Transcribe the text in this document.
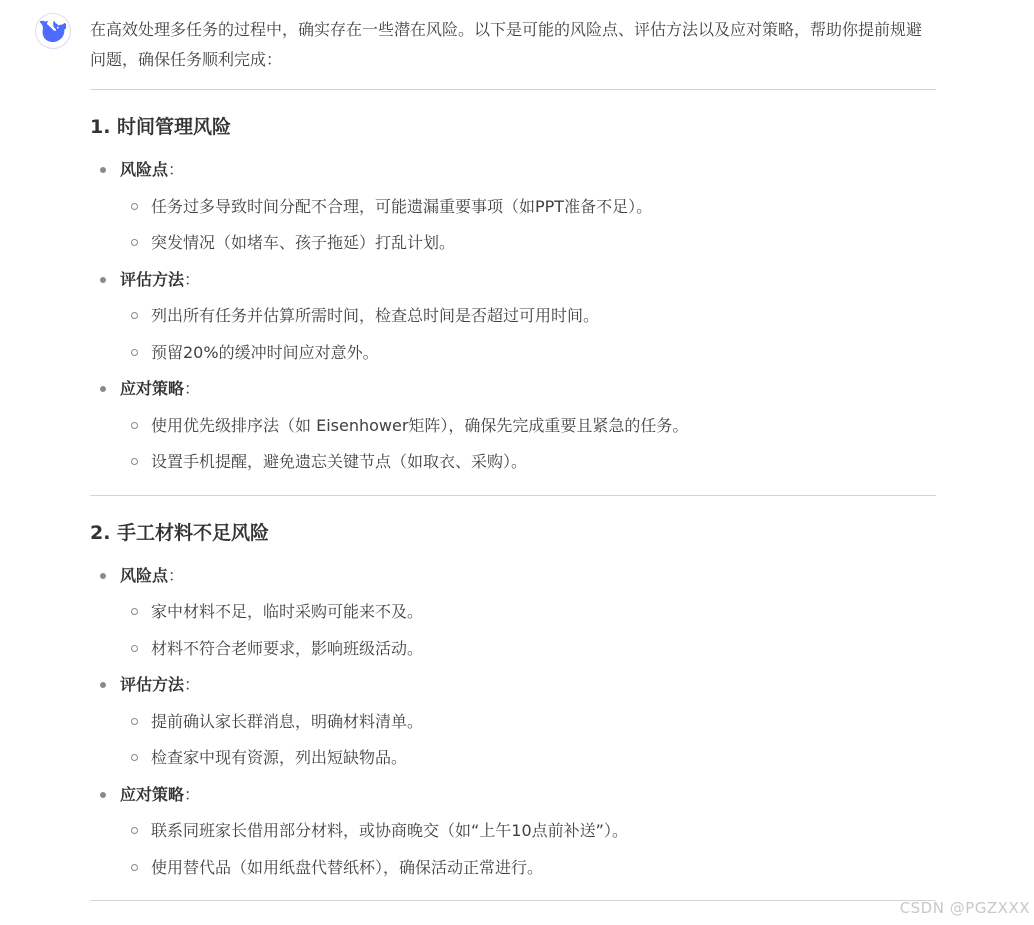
在高效处理多任务的过程中，确实存在一些潜在风险。以下是可能的风险点、评估方法以及应对策略，帮助你提前规避问题，确保任务顺利完成：

1. 时间管理风险
风险点：
任务过多导致时间分配不合理，可能遗漏重要事项（如PPT准备不足）。
突发情况（如堵车、孩子拖延）打乱计划。
评估方法：
列出所有任务并估算所需时间，检查总时间是否超过可用时间。
预留20%的缓冲时间应对意外。
应对策略：
使用优先级排序法（如 Eisenhower矩阵），确保先完成重要且紧急的任务。
设置手机提醒，避免遗忘关键节点（如取衣、采购）。
2. 手工材料不足风险
风险点：
家中材料不足，临时采购可能来不及。
材料不符合老师要求，影响班级活动。
评估方法：
提前确认家长群消息，明确材料清单。
检查家中现有资源，列出短缺物品。
应对策略：
联系同班家长借用部分材料，或协商晚交（如“上午10点前补送”）。
使用替代品（如用纸盘代替纸杯），确保活动正常进行。
CSDN @PGZXXX
